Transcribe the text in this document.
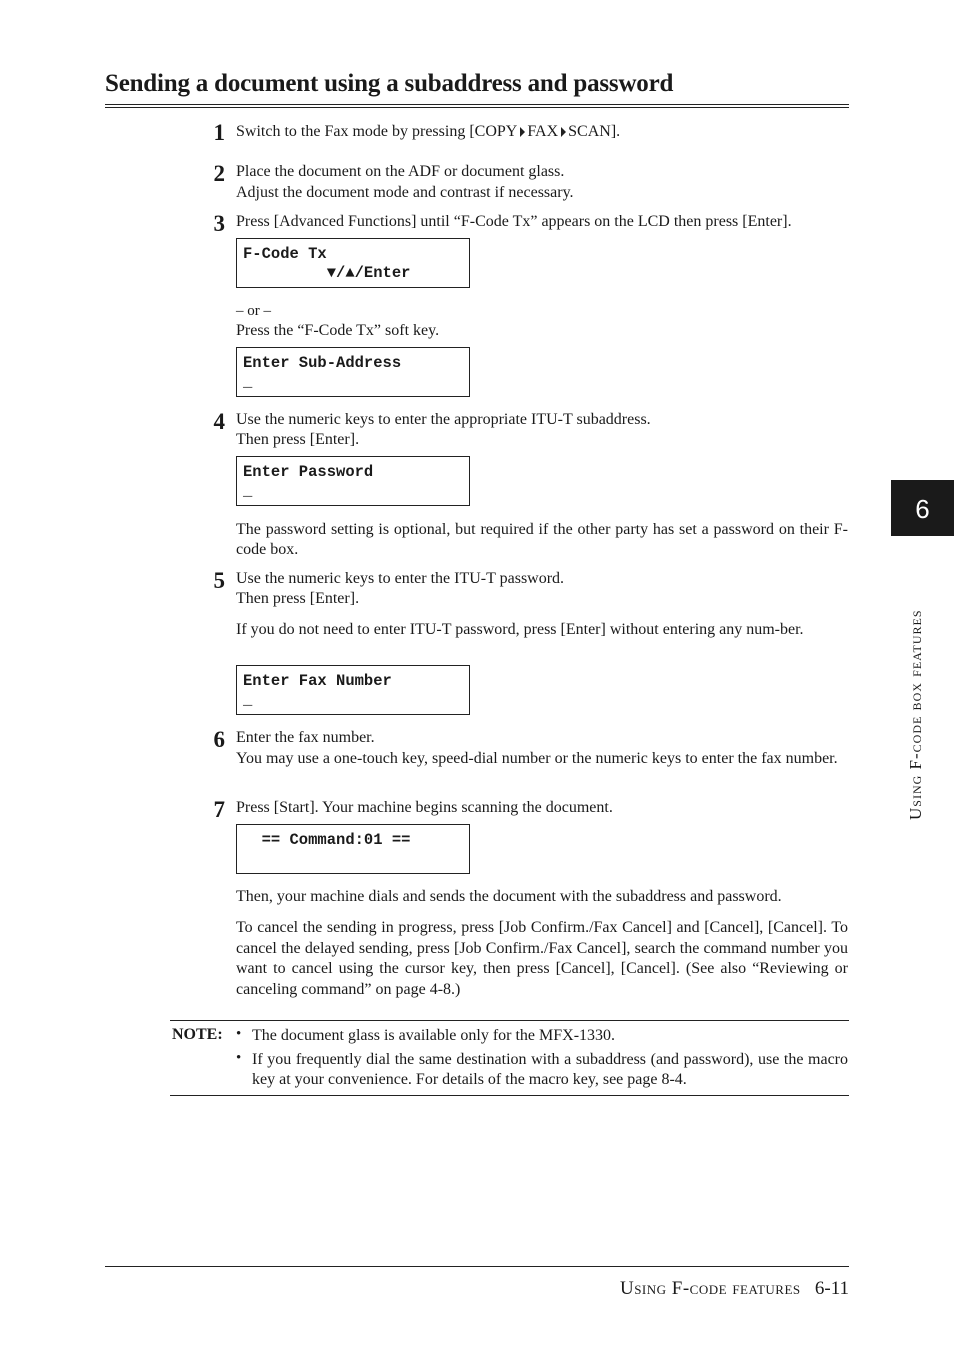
Sending a document using a subaddress and password
1 Switch to the Fax mode by pressing [COPY FAX SCAN].
2 Place the document on the ADF or document glass.
Adjust the document mode and contrast if necessary.
3 Press [Advanced Functions] until “F-Code Tx” appears on the LCD then press [Enter].
F-Code Tx
▼/▲/Enter
– or –
Press the “F-Code Tx” soft key.
Enter Sub-Address
_
4 Use the numeric keys to enter the appropriate ITU-T subaddress.
Then press [Enter].
Enter Password
_
The password setting is optional, but required if the other party has set a password on their F-code box.
5 Use the numeric keys to enter the ITU-T password.
Then press [Enter].
If you do not need to enter ITU-T password, press [Enter] without entering any num-ber.
Enter Fax Number
_
6 Enter the fax number.
You may use a one-touch key, speed-dial number or the numeric keys to enter the fax number.
7 Press [Start]. Your machine begins scanning the document.
== Command:01 ==
Then, your machine dials and sends the document with the subaddress and password.
To cancel the sending in progress, press [Job Confirm./Fax Cancel] and [Cancel], [Cancel]. To cancel the delayed sending, press [Job Confirm./Fax Cancel], search the command number you want to cancel using the cursor key, then press [Cancel], [Cancel]. (See also “Reviewing or canceling command” on page 4-8.)
NOTE: • The document glass is available only for the MFX-1330.
• If you frequently dial the same destination with a subaddress (and password), use the macro key at your convenience. For details of the macro key, see page 8-4.
6
Using F-code box features
Using F-code features 6-11
